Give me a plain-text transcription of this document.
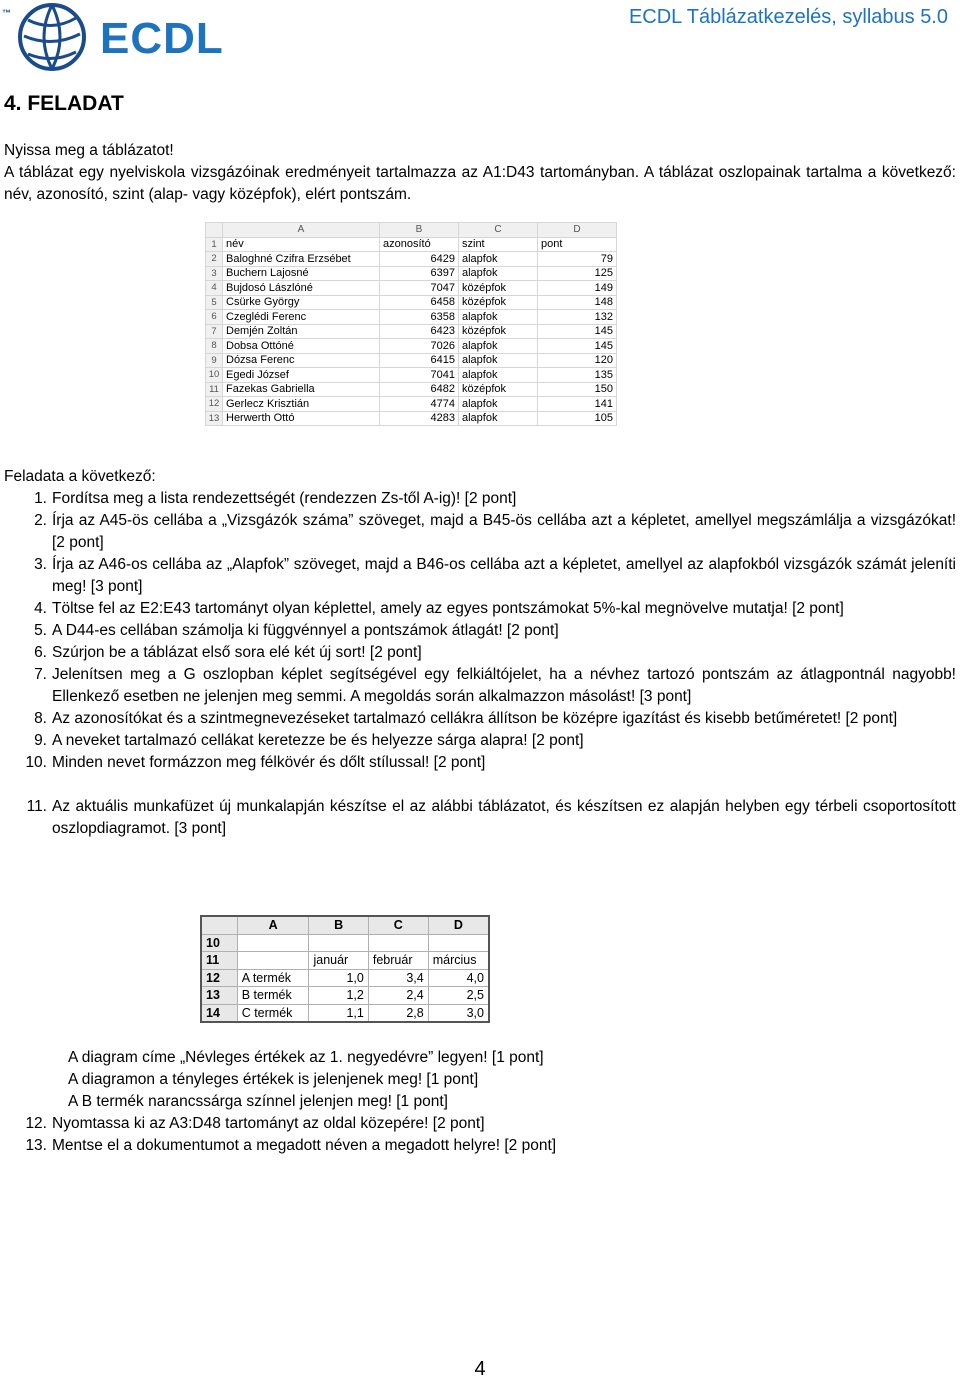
™
ECDL	ECDL Táblázatkezelés, syllabus 5.0
4. FELADAT

Nyissa meg a táblázatot!

A táblázat egy nyelviskola vizsgázóinak eredményeit tartalmazza az A1:D43 tartományban. A táblázat oszlopainak tartalma a következő: név, azonosító, szint (alap- vagy középfok), elért pontszám.

	A	B	C	D
1	név	azonosító	szint	pont
2	Baloghné Czifra Erzsébet	6429	alapfok	79
3	Buchern Lajosné	6397	alapfok	125
4	Bujdosó Lászlóné	7047	középfok	149
5	Csürke György	6458	középfok	148
6	Czeglédi Ferenc	6358	alapfok	132
7	Demjén Zoltán	6423	középfok	145
8	Dobsa Ottóné	7026	alapfok	145
9	Dózsa Ferenc	6415	alapfok	120
10	Egedi József	7041	alapfok	135
11	Fazekas Gabriella	6482	középfok	150
12	Gerlecz Krisztián	4774	alapfok	141
13	Herwerth Ottó	4283	alapfok	105
Feladata a következő:
1. Fordítsa meg a lista rendezettségét (rendezzen Zs-től A-ig)! [2 pont]
2. Írja az A45-ös cellába a „Vizsgázók száma” szöveget, majd a B45-ös cellába azt a képletet, amellyel megszámlálja a vizsgázókat! [2 pont]
3. Írja az A46-os cellába az „Alapfok” szöveget, majd a B46-os cellába azt a képletet, amellyel az alapfokból vizsgázók számát jeleníti meg! [3 pont]
4. Töltse fel az E2:E43 tartományt olyan képlettel, amely az egyes pontszámokat 5%-kal megnövelve mutatja! [2 pont]
5. A D44-es cellában számolja ki függvénnyel a pontszámok átlagát! [2 pont]
6. Szúrjon be a táblázat első sora elé két új sort! [2 pont]
7. Jelenítsen meg a G oszlopban képlet segítségével egy felkiáltójelet, ha a névhez tartozó pontszám az átlagpontnál nagyobb! Ellenkező esetben ne jelenjen meg semmi. A megoldás során alkalmazzon másolást! [3 pont]
8. Az azonosítókat és a szintmegnevezéseket tartalmazó cellákra állítson be középre igazítást és kisebb betűméretet! [2 pont]
9. A neveket tartalmazó cellákat keretezze be és helyezze sárga alapra! [2 pont]
10. Minden nevet formázzon meg félkövér és dőlt stílussal! [2 pont]
11. Az aktuális munkafüzet új munkalapján készítse el az alábbi táblázatot, és készítsen ez alapján helyben egy térbeli csoportosított oszlopdiagramot. [3 pont]
	A	B	C	D
10				
11		január	február	március
12	A termék	1,0	3,4	4,0
13	B termék	1,2	2,4	2,5
14	C termék	1,1	2,8	3,0
A diagram címe „Névleges értékek az 1. negyedévre” legyen! [1 pont]
A diagramon a tényleges értékek is jelenjenek meg! [1 pont]
A B termék narancssárga színnel jelenjen meg! [1 pont]
12. Nyomtassa ki az A3:D48 tartományt az oldal közepére! [2 pont]
13. Mentse el a dokumentumot a megadott néven a megadott helyre! [2 pont]
4
